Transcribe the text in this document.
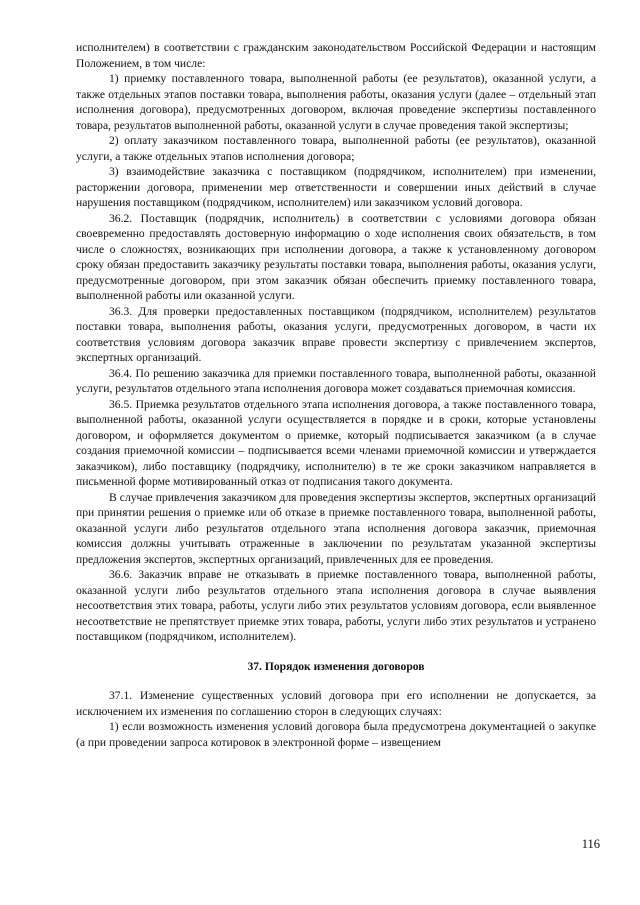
исполнителем) в соответствии с гражданским законодательством Российской Федерации и настоящим Положением, в том числе:

1) приемку поставленного товара, выполненной работы (ее результатов), оказанной услуги, а также отдельных этапов поставки товара, выполнения работы, оказания услуги (далее – отдельный этап исполнения договора), предусмотренных договором, включая проведение экспертизы поставленного товара, результатов выполненной работы, оказанной услуги в случае проведения такой экспертизы;

2) оплату заказчиком поставленного товара, выполненной работы (ее результатов), оказанной услуги, а также отдельных этапов исполнения договора;

3) взаимодействие заказчика с поставщиком (подрядчиком, исполнителем) при изменении, расторжении договора, применении мер ответственности и совершении иных действий в случае нарушения поставщиком (подрядчиком, исполнителем) или заказчиком условий договора.

36.2. Поставщик (подрядчик, исполнитель) в соответствии с условиями договора обязан своевременно предоставлять достоверную информацию о ходе исполнения своих обязательств, в том числе о сложностях, возникающих при исполнении договора, а также к установленному договором сроку обязан предоставить заказчику результаты поставки товара, выполнения работы, оказания услуги, предусмотренные договором, при этом заказчик обязан обеспечить приемку поставленного товара, выполненной работы или оказанной услуги.

36.3. Для проверки предоставленных поставщиком (подрядчиком, исполнителем) результатов поставки товара, выполнения работы, оказания услуги, предусмотренных договором, в части их соответствия условиям договора заказчик вправе провести экспертизу с привлечением экспертов, экспертных организаций.

36.4. По решению заказчика для приемки поставленного товара, выполненной работы, оказанной услуги, результатов отдельного этапа исполнения договора может создаваться приемочная комиссия.

36.5. Приемка результатов отдельного этапа исполнения договора, а также поставленного товара, выполненной работы, оказанной услуги осуществляется в порядке и в сроки, которые установлены договором, и оформляется документом о приемке, который подписывается заказчиком (а в случае создания приемочной комиссии – подписывается всеми членами приемочной комиссии и утверждается заказчиком), либо поставщику (подрядчику, исполнителю) в те же сроки заказчиком направляется в письменной форме мотивированный отказ от подписания такого документа.

В случае привлечения заказчиком для проведения экспертизы экспертов, экспертных организаций при принятии решения о приемке или об отказе в приемке поставленного товара, выполненной работы, оказанной услуги либо результатов отдельного этапа исполнения договора заказчик, приемочная комиссия должны учитывать отраженные в заключении по результатам указанной экспертизы предложения экспертов, экспертных организаций, привлеченных для ее проведения.

36.6. Заказчик вправе не отказывать в приемке поставленного товара, выполненной работы, оказанной услуги либо результатов отдельного этапа исполнения договора в случае выявления несоответствия этих товара, работы, услуги либо этих результатов условиям договора, если выявленное несоответствие не препятствует приемке этих товара, работы, услуги либо этих результатов и устранено поставщиком (подрядчиком, исполнителем).

37. Порядок изменения договоров

37.1. Изменение существенных условий договора при его исполнении не допускается, за исключением их изменения по соглашению сторон в следующих случаях:

1) если возможность изменения условий договора была предусмотрена документацией о закупке (а при проведении запроса котировок в электронной форме – извещением

116
